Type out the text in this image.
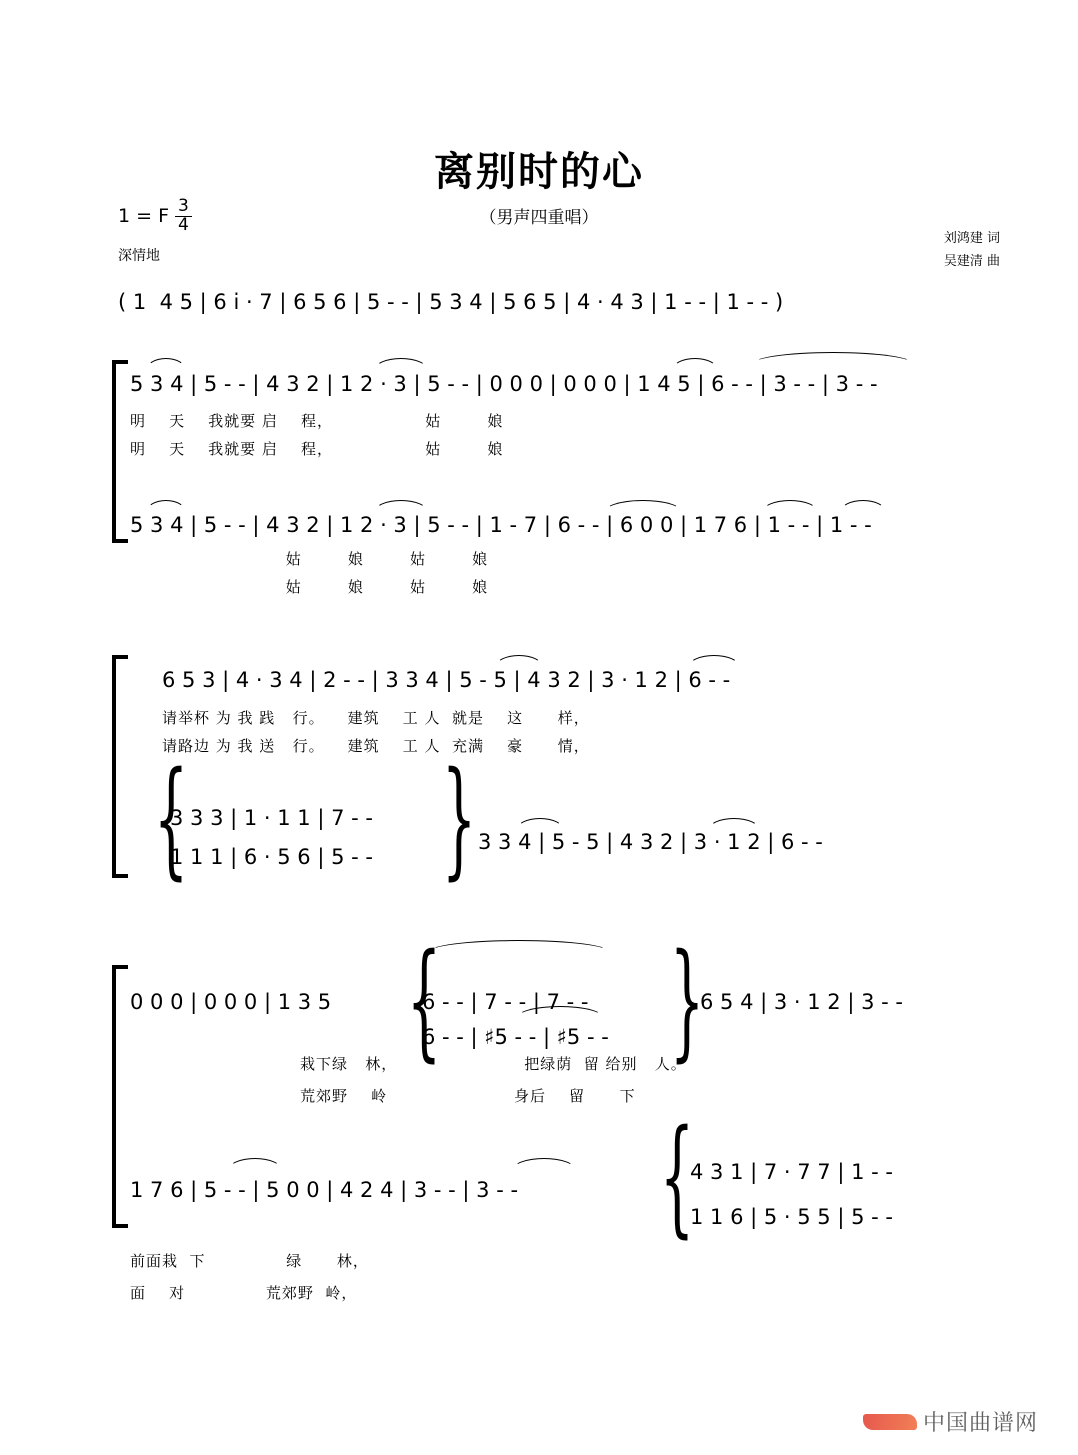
离别时的心
（男声四重唱）
1 = F $\frac{3}{4}$
深情地
刘鸿建 词
吴建清 曲
( 1  4 5 | 6 i · 7 | 6 5 6 | 5 - - | 5 3 4 | 5 6 5 | 4 · 4 3 | 1 - - | 1 - - )
5 3 4 | 5 - - | 4 3 2 | 1 2 · 3 | 5 - - | 0 0 0 | 0 0 0 | 1 4 5 | 6 - - | 3 - - | 3 - -
明    天    我就要 启    程，                姑        娘
明    天    我就要 启    程，                姑        娘
5 3 4 | 5 - - | 4 3 2 | 1 2 · 3 | 5 - - | 1 - 7 | 6 - - | 6 0 0 | 1 7 6 | 1 - - | 1 - -
姑        娘        姑        娘
姑        娘        姑        娘
6 5 3 | 4 · 3 4 | 2 - - | 3 3 4 | 5 - 5 | 4 3 2 | 3 · 1 2 | 6 - -
请举杯 为 我 践   行。    建筑    工 人  就是    这      样，
请路边 为 我 送   行。    建筑    工 人  充满    豪      情，
{	}
3 3 3 | 1 · 1 1 | 7 - -
1 1 1 | 6 · 5 6 | 5 - -
3 3 4 | 5 - 5 | 4 3 2 | 3 · 1 2 | 6 - -
0 0 0 | 0 0 0 | 1 3 5 {	}
6 - - | 7 - - | 7 - -
6 - - | ♯5 - - | ♯5 - -
6 5 4 | 3 · 1 2 | 3 - -
栽下绿   林，                      把绿荫  留 给别   人。
荒郊野    岭                      身后    留      下
1 7 6 | 5 - - | 5 0 0 | 4 2 4 | 3 - - | 3 - -
前面栽  下              绿      林，
面    对              荒郊野  岭，
{
4 3 1 | 7 · 7 7 | 1 - -
1 1 6 | 5 · 5 5 | 5 - -
中国曲谱网
